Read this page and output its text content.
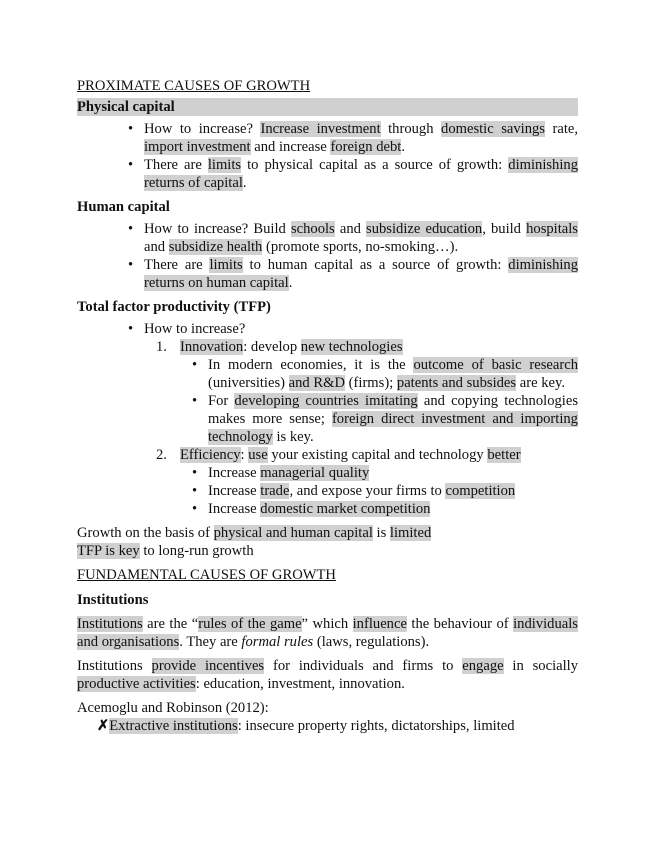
PROXIMATE CAUSES OF GROWTH
Physical capital
• How to increase? Increase investment through domestic savings rate, import investment and increase foreign debt.
• There are limits to physical capital as a source of growth: diminishing returns of capital.
Human capital
• How to increase? Build schools and subsidize education, build hospitals and subsidize health (promote sports, no-smoking…).
• There are limits to human capital as a source of growth: diminishing returns on human capital.
Total factor productivity (TFP)
• How to increase?
1. Innovation: develop new technologies
• In modern economies, it is the outcome of basic research (universities) and R&D (firms); patents and subsides are key.
• For developing countries imitating and copying technologies makes more sense; foreign direct investment and importing technology is key.
2. Efficiency: use your existing capital and technology better
• Increase managerial quality
• Increase trade, and expose your firms to competition
• Increase domestic market competition
Growth on the basis of physical and human capital is limited
TFP is key to long-run growth
FUNDAMENTAL CAUSES OF GROWTH
Institutions
Institutions are the “rules of the game” which influence the behaviour of individuals and organisations. They are formal rules (laws, regulations).
Institutions provide incentives for individuals and firms to engage in socially productive activities: education, investment, innovation.
Acemoglu and Robinson (2012):
✗Extractive institutions: insecure property rights, dictatorships, limited
